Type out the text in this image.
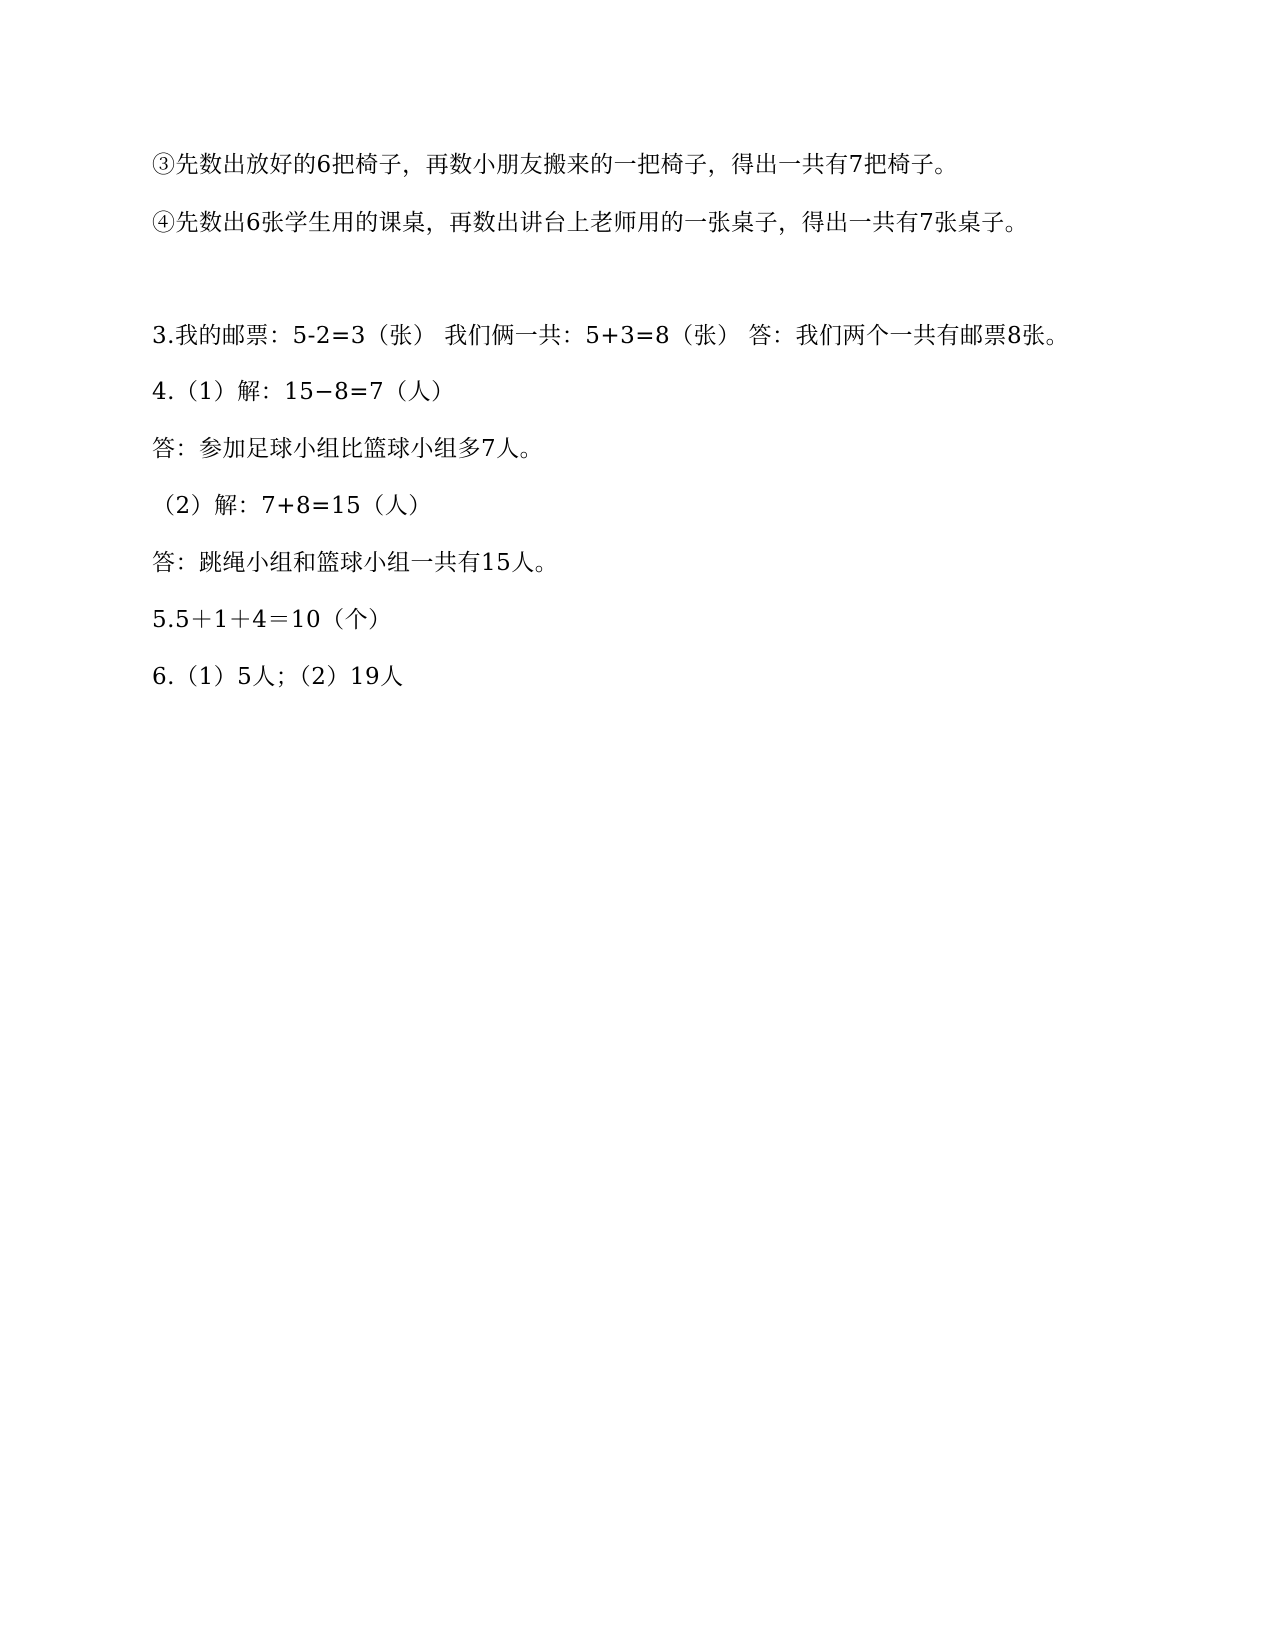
③先数出放好的6把椅子，再数小朋友搬来的一把椅子，得出一共有7把椅子。
④先数出6张学生用的课桌，再数出讲台上老师用的一张桌子，得出一共有7张桌子。
3.我的邮票：5-2=3（张） 我们俩一共：5+3=8（张） 答：我们两个一共有邮票8张。
4.（1）解：15−8=7（人）
答：参加足球小组比篮球小组多7人。
（2）解：7+8=15（人）
答：跳绳小组和篮球小组一共有15人。
5.5＋1＋4＝10（个）
6.（1）5人；（2）19人
